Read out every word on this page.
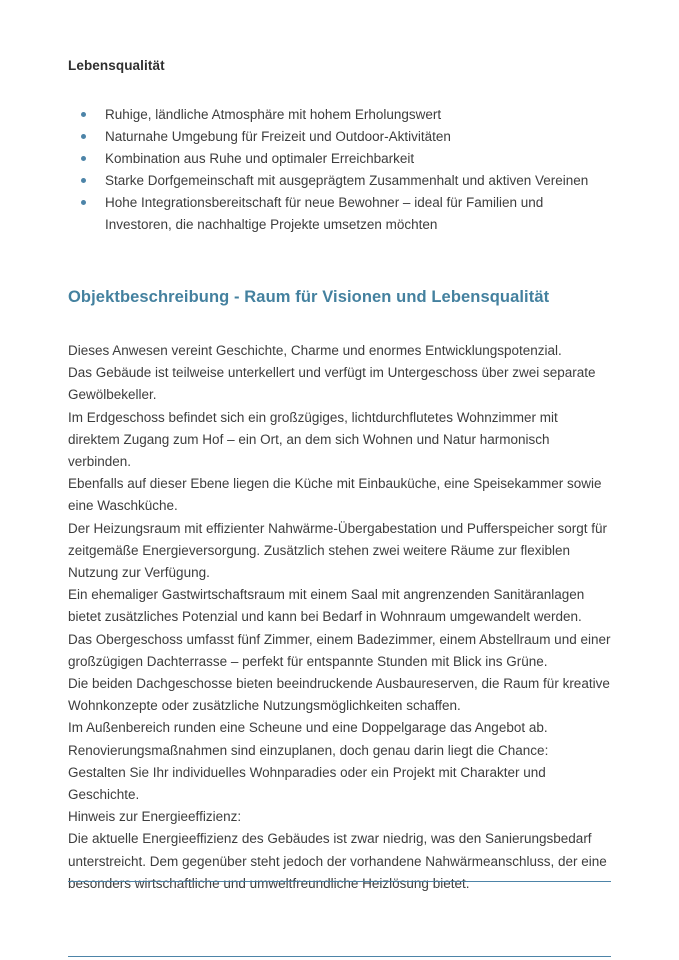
Lebensqualität
Ruhige, ländliche Atmosphäre mit hohem Erholungswert
Naturnahe Umgebung für Freizeit und Outdoor-Aktivitäten
Kombination aus Ruhe und optimaler Erreichbarkeit
Starke Dorfgemeinschaft mit ausgeprägtem Zusammenhalt und aktiven Vereinen
Hohe Integrationsbereitschaft für neue Bewohner – ideal für Familien und Investoren, die nachhaltige Projekte umsetzen möchten
Objektbeschreibung - Raum für Visionen und Lebensqualität

Dieses Anwesen vereint Geschichte, Charme und enormes Entwicklungspotenzial.

Das Gebäude ist teilweise unterkellert und verfügt im Untergeschoss über zwei separate Gewölbekeller.

Im Erdgeschoss befindet sich ein großzügiges, lichtdurchflutetes Wohnzimmer mit direktem Zugang zum Hof – ein Ort, an dem sich Wohnen und Natur harmonisch verbinden.

Ebenfalls auf dieser Ebene liegen die Küche mit Einbauküche, eine Speisekammer sowie eine Waschküche.

Der Heizungsraum mit effizienter Nahwärme-Übergabestation und Pufferspeicher sorgt für zeitgemäße Energieversorgung. Zusätzlich stehen zwei weitere Räume zur flexiblen Nutzung zur Verfügung.

Ein ehemaliger Gastwirtschaftsraum mit einem Saal mit angrenzenden Sanitäranlagen bietet zusätzliches Potenzial und kann bei Bedarf in Wohnraum umgewandelt werden.

Das Obergeschoss umfasst fünf Zimmer, einem Badezimmer, einem Abstellraum und einer großzügigen Dachterrasse – perfekt für entspannte Stunden mit Blick ins Grüne.

Die beiden Dachgeschosse bieten beeindruckende Ausbaureserven, die Raum für kreative Wohnkonzepte oder zusätzliche Nutzungsmöglichkeiten schaffen.

Im Außenbereich runden eine Scheune und eine Doppelgarage das Angebot ab.

Renovierungsmaßnahmen sind einzuplanen, doch genau darin liegt die Chance:

Gestalten Sie Ihr individuelles Wohnparadies oder ein Projekt mit Charakter und Geschichte.

Hinweis zur Energieeffizienz:

Die aktuelle Energieeffizienz des Gebäudes ist zwar niedrig, was den Sanierungsbedarf unterstreicht. Dem gegenüber steht jedoch der vorhandene Nahwärmeanschluss, der eine besonders wirtschaftliche und umweltfreundliche Heizlösung bietet.
